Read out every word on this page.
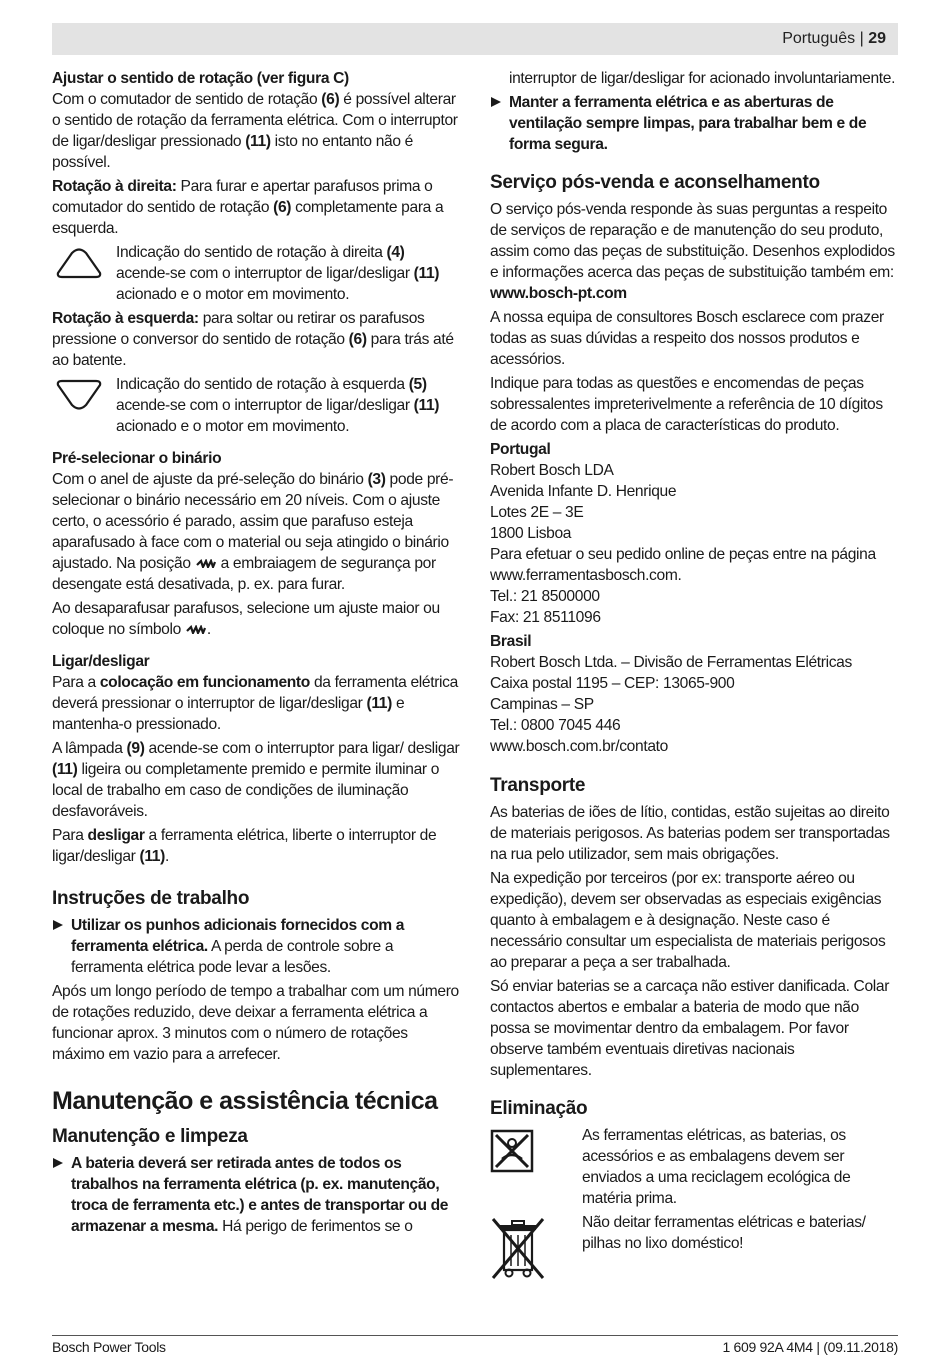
Português | 29
Ajustar o sentido de rotação (ver figura C)

Com o comutador de sentido de rotação (6) é possível alterar o sentido de rotação da ferramenta elétrica. Com o interruptor de ligar/desligar pressionado (11) isto no entanto não é possível.

Rotação à direita: Para furar e apertar parafusos prima o comutador do sentido de rotação (6) completamente para a esquerda.

Indicação do sentido de rotação à direita (4) acende-se com o interruptor de ligar/desligar (11) acionado e o motor em movimento.

Rotação à esquerda: para soltar ou retirar os parafusos pressione o conversor do sentido de rotação (6) para trás até ao batente.

Indicação do sentido de rotação à esquerda (5) acende-se com o interruptor de ligar/desligar (11) acionado e o motor em movimento.

Pré-selecionar o binário

Com o anel de ajuste da pré-seleção do binário (3) pode pré-selecionar o binário necessário em 20 níveis. Com o ajuste certo, o acessório é parado, assim que parafuso esteja aparafusado à face com o material ou seja atingido o binário ajustado. Na posição  a embraiagem de segurança por desengate está desativada, p. ex. para furar.

Ao desaparafusar parafusos, selecione um ajuste maior ou coloque no símbolo .

Ligar/desligar

Para a colocação em funcionamento da ferramenta elétrica deverá pressionar o interruptor de ligar/desligar (11) e mantenha-o pressionado.

A lâmpada (9) acende-se com o interruptor para ligar/ desligar (11) ligeira ou completamente premido e permite iluminar o local de trabalho em caso de condições de iluminação desfavoráveis.

Para desligar a ferramenta elétrica, liberte o interruptor de ligar/desligar (11).

Instruções de trabalho
Utilizar os punhos adicionais fornecidos com a ferramenta elétrica. A perda de controle sobre a ferramenta elétrica pode levar a lesões.

Após um longo período de tempo a trabalhar com um número de rotações reduzido, deve deixar a ferramenta elétrica a funcionar aprox. 3 minutos com o número de rotações máximo em vazio para a arrefecer.

Manutenção e assistência técnica
Manutenção e limpeza
A bateria deverá ser retirada antes de todos os trabalhos na ferramenta elétrica (p. ex. manutenção, troca de ferramenta etc.) e antes de transportar ou de armazenar a mesma. Há perigo de ferimentos se o

interruptor de ligar/desligar for acionado involuntariamente.

Manter a ferramenta elétrica e as aberturas de ventilação sempre limpas, para trabalhar bem e de forma segura.
Serviço pós-venda e aconselhamento

O serviço pós-venda responde às suas perguntas a respeito de serviços de reparação e de manutenção do seu produto, assim como das peças de substituição. Desenhos explodidos e informações acerca das peças de substituição também em: www.bosch-pt.com

A nossa equipa de consultores Bosch esclarece com prazer todas as suas dúvidas a respeito dos nossos produtos e acessórios.

Indique para todas as questões e encomendas de peças sobressalentes impreterivelmente a referência de 10 dígitos de acordo com a placa de características do produto.

Portugal
Robert Bosch LDA
Avenida Infante D. Henrique
Lotes 2E – 3E
1800 Lisboa
Para efetuar o seu pedido online de peças entre na página www.ferramentasbosch.com.
Tel.: 21 8500000
Fax: 21 8511096
Brasil
Robert Bosch Ltda. – Divisão de Ferramentas Elétricas
Caixa postal 1195 – CEP: 13065-900
Campinas – SP
Tel.: 0800 7045 446
www.bosch.com.br/contato
Transporte

As baterias de iões de lítio, contidas, estão sujeitas ao direito de materiais perigosos. As baterias podem ser transportadas na rua pelo utilizador, sem mais obrigações.

Na expedição por terceiros (por ex: transporte aéreo ou expedição), devem ser observadas as especiais exigências quanto à embalagem e à designação. Neste caso é necessário consultar um especialista de materiais perigosos ao preparar a peça a ser trabalhada.

Só enviar baterias se a carcaça não estiver danificada. Colar contactos abertos e embalar a bateria de modo que não possa se movimentar dentro da embalagem. Por favor observe também eventuais diretivas nacionais suplementares.

Eliminação

As ferramentas elétricas, as baterias, os acessórios e as embalagens devem ser enviados a uma reciclagem ecológica de matéria prima.

Não deitar ferramentas elétricas e baterias/ pilhas no lixo doméstico!

Bosch Power Tools	1 609 92A 4M4 | (09.11.2018)
